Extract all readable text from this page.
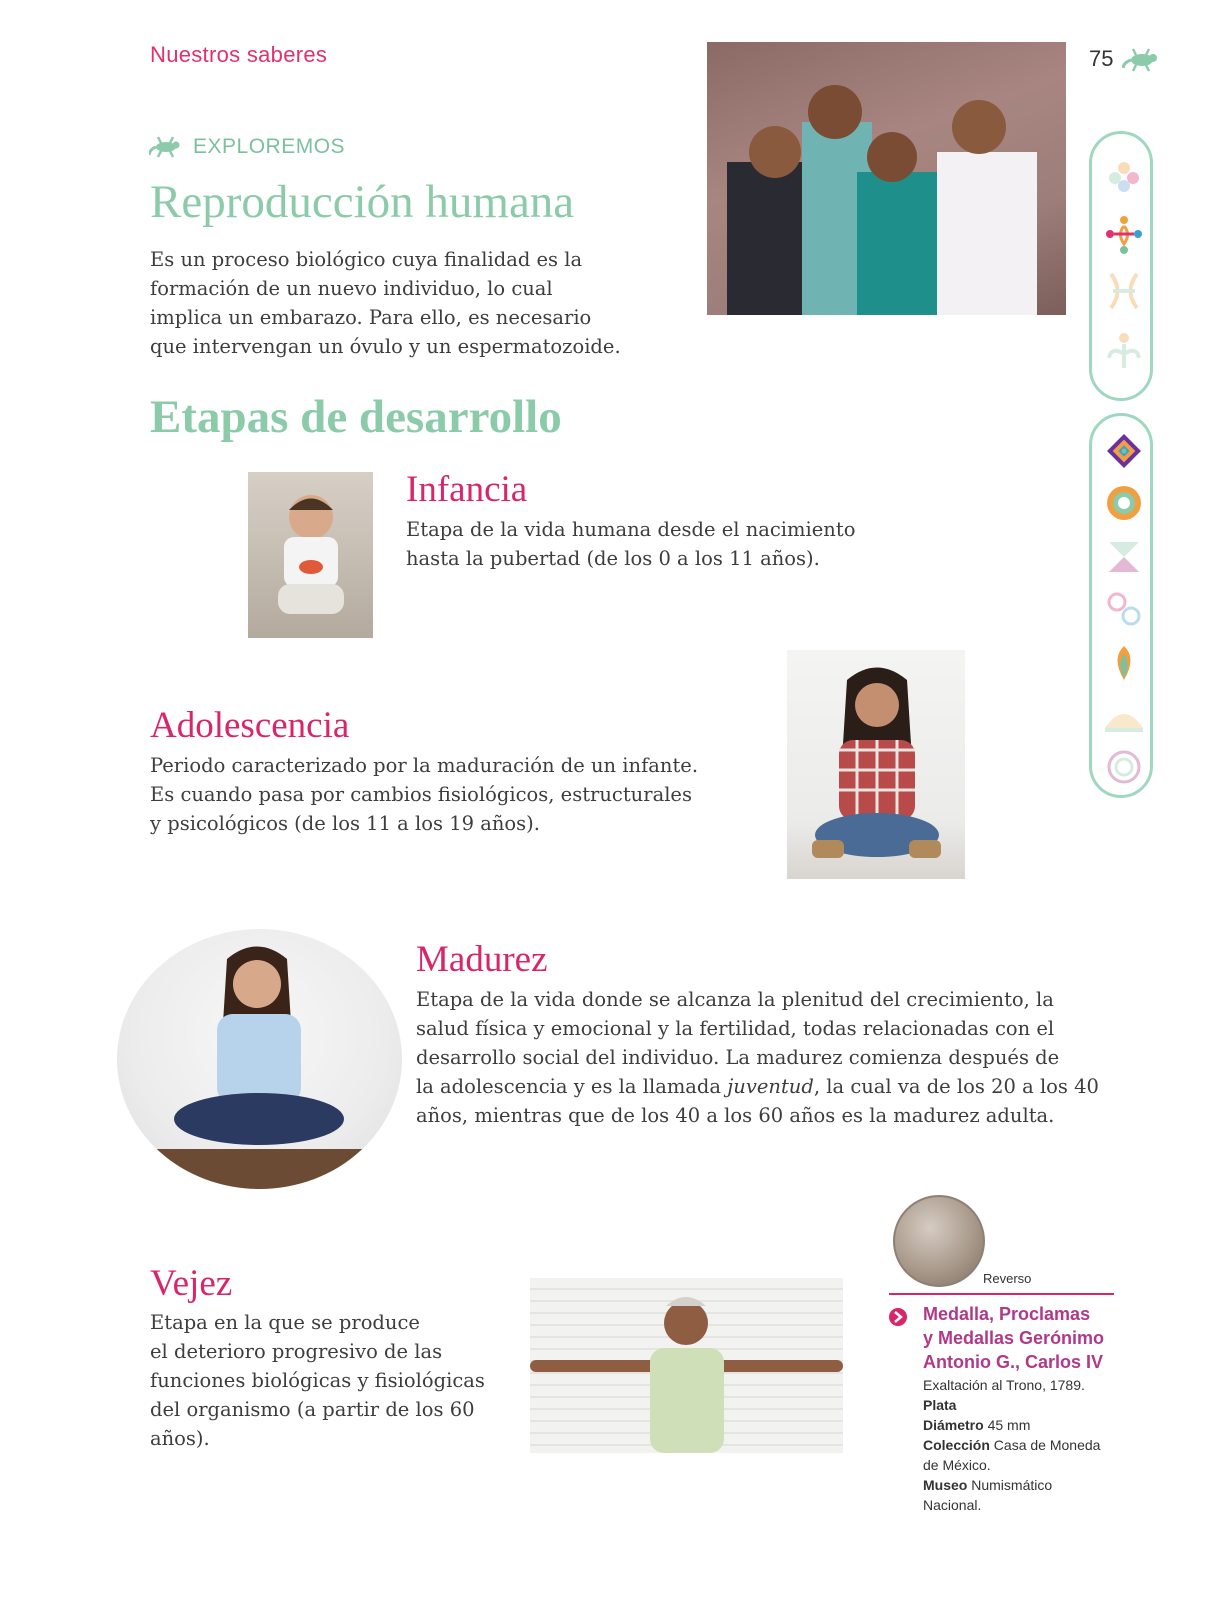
Nuestros saberes	75
EXPLOREMOS
Reproducción humana
Es un proceso biológico cuya finalidad es la
formación de un nuevo individuo, lo cual
implica un embarazo. Para ello, es necesario
que intervengan un óvulo y un espermatozoide.
Etapas de desarrollo
Infancia
Etapa de la vida humana desde el nacimiento
hasta la pubertad (de los 0 a los 11 años).
Adolescencia
Periodo caracterizado por la maduración de un infante.
Es cuando pasa por cambios fisiológicos, estructurales
y psicológicos (de los 11 a los 19 años).
Madurez
Etapa de la vida donde se alcanza la plenitud del crecimiento, la
salud física y emocional y la fertilidad, todas relacionadas con el
desarrollo social del individuo. La madurez comienza después de
la adolescencia y es la llamada juventud, la cual va de los 20 a los 40
años, mientras que de los 40 a los 60 años es la madurez adulta.
Vejez
Etapa en la que se produce
el deterioro progresivo de las
funciones biológicas y fisiológicas
del organismo (a partir de los 60
años).
Reverso
Medalla, Proclamas
y Medallas Gerónimo
Antonio G., Carlos IV
Exaltación al Trono, 1789.
Plata
Diámetro 45 mm
Colección Casa de Moneda
de México.
Museo Numismático
Nacional.
